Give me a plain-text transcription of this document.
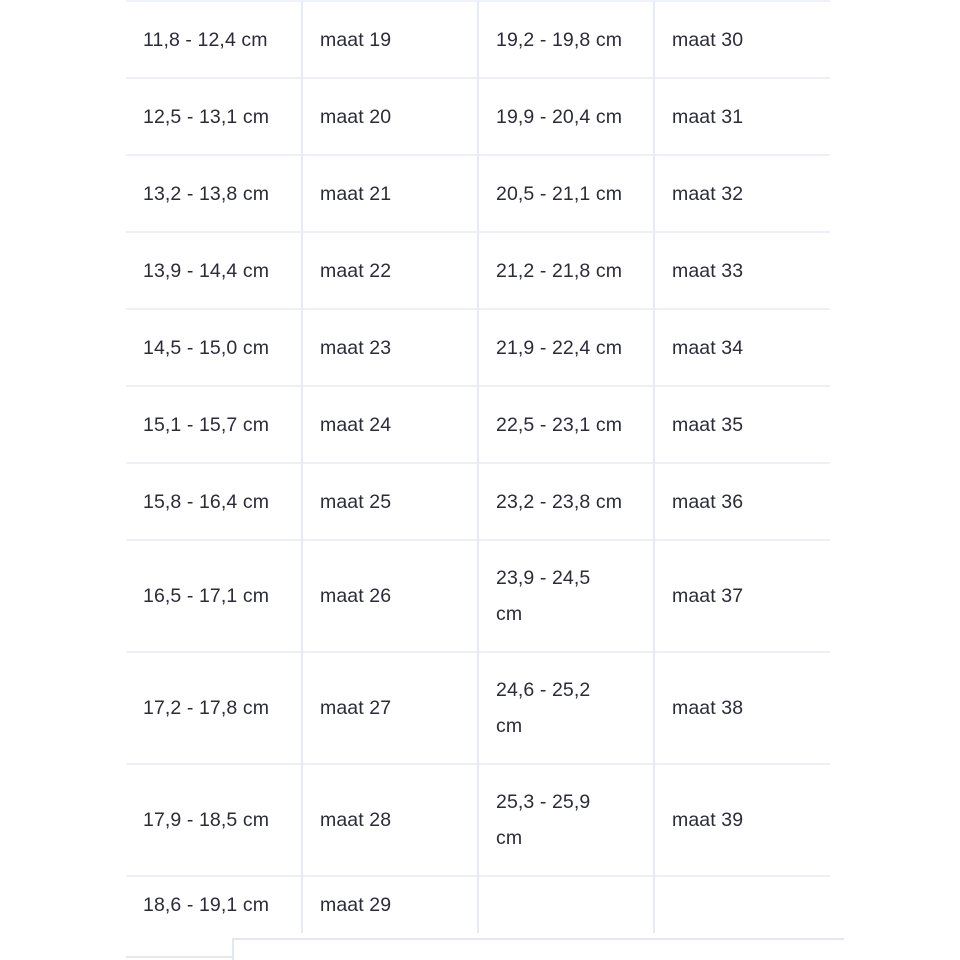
11,8 - 12,4 cm	maat 19	19,2 - 19,8 cm	maat 30
12,5 - 13,1 cm	maat 20	19,9 - 20,4 cm	maat 31
13,2 - 13,8 cm	maat 21	20,5 - 21,1 cm	maat 32
13,9 - 14,4 cm	maat 22	21,2 - 21,8 cm	maat 33
14,5 - 15,0 cm	maat 23	21,9 - 22,4 cm	maat 34
15,1 - 15,7 cm	maat 24	22,5 - 23,1 cm	maat 35
15,8 - 16,4 cm	maat 25	23,2 - 23,8 cm	maat 36
16,5 - 17,1 cm	maat 26	23,9 - 24,5 cm	maat 37
17,2 - 17,8 cm	maat 27	24,6 - 25,2 cm	maat 38
17,9 - 18,5 cm	maat 28	25,3 - 25,9 cm	maat 39
18,6 - 19,1 cm	maat 29		
